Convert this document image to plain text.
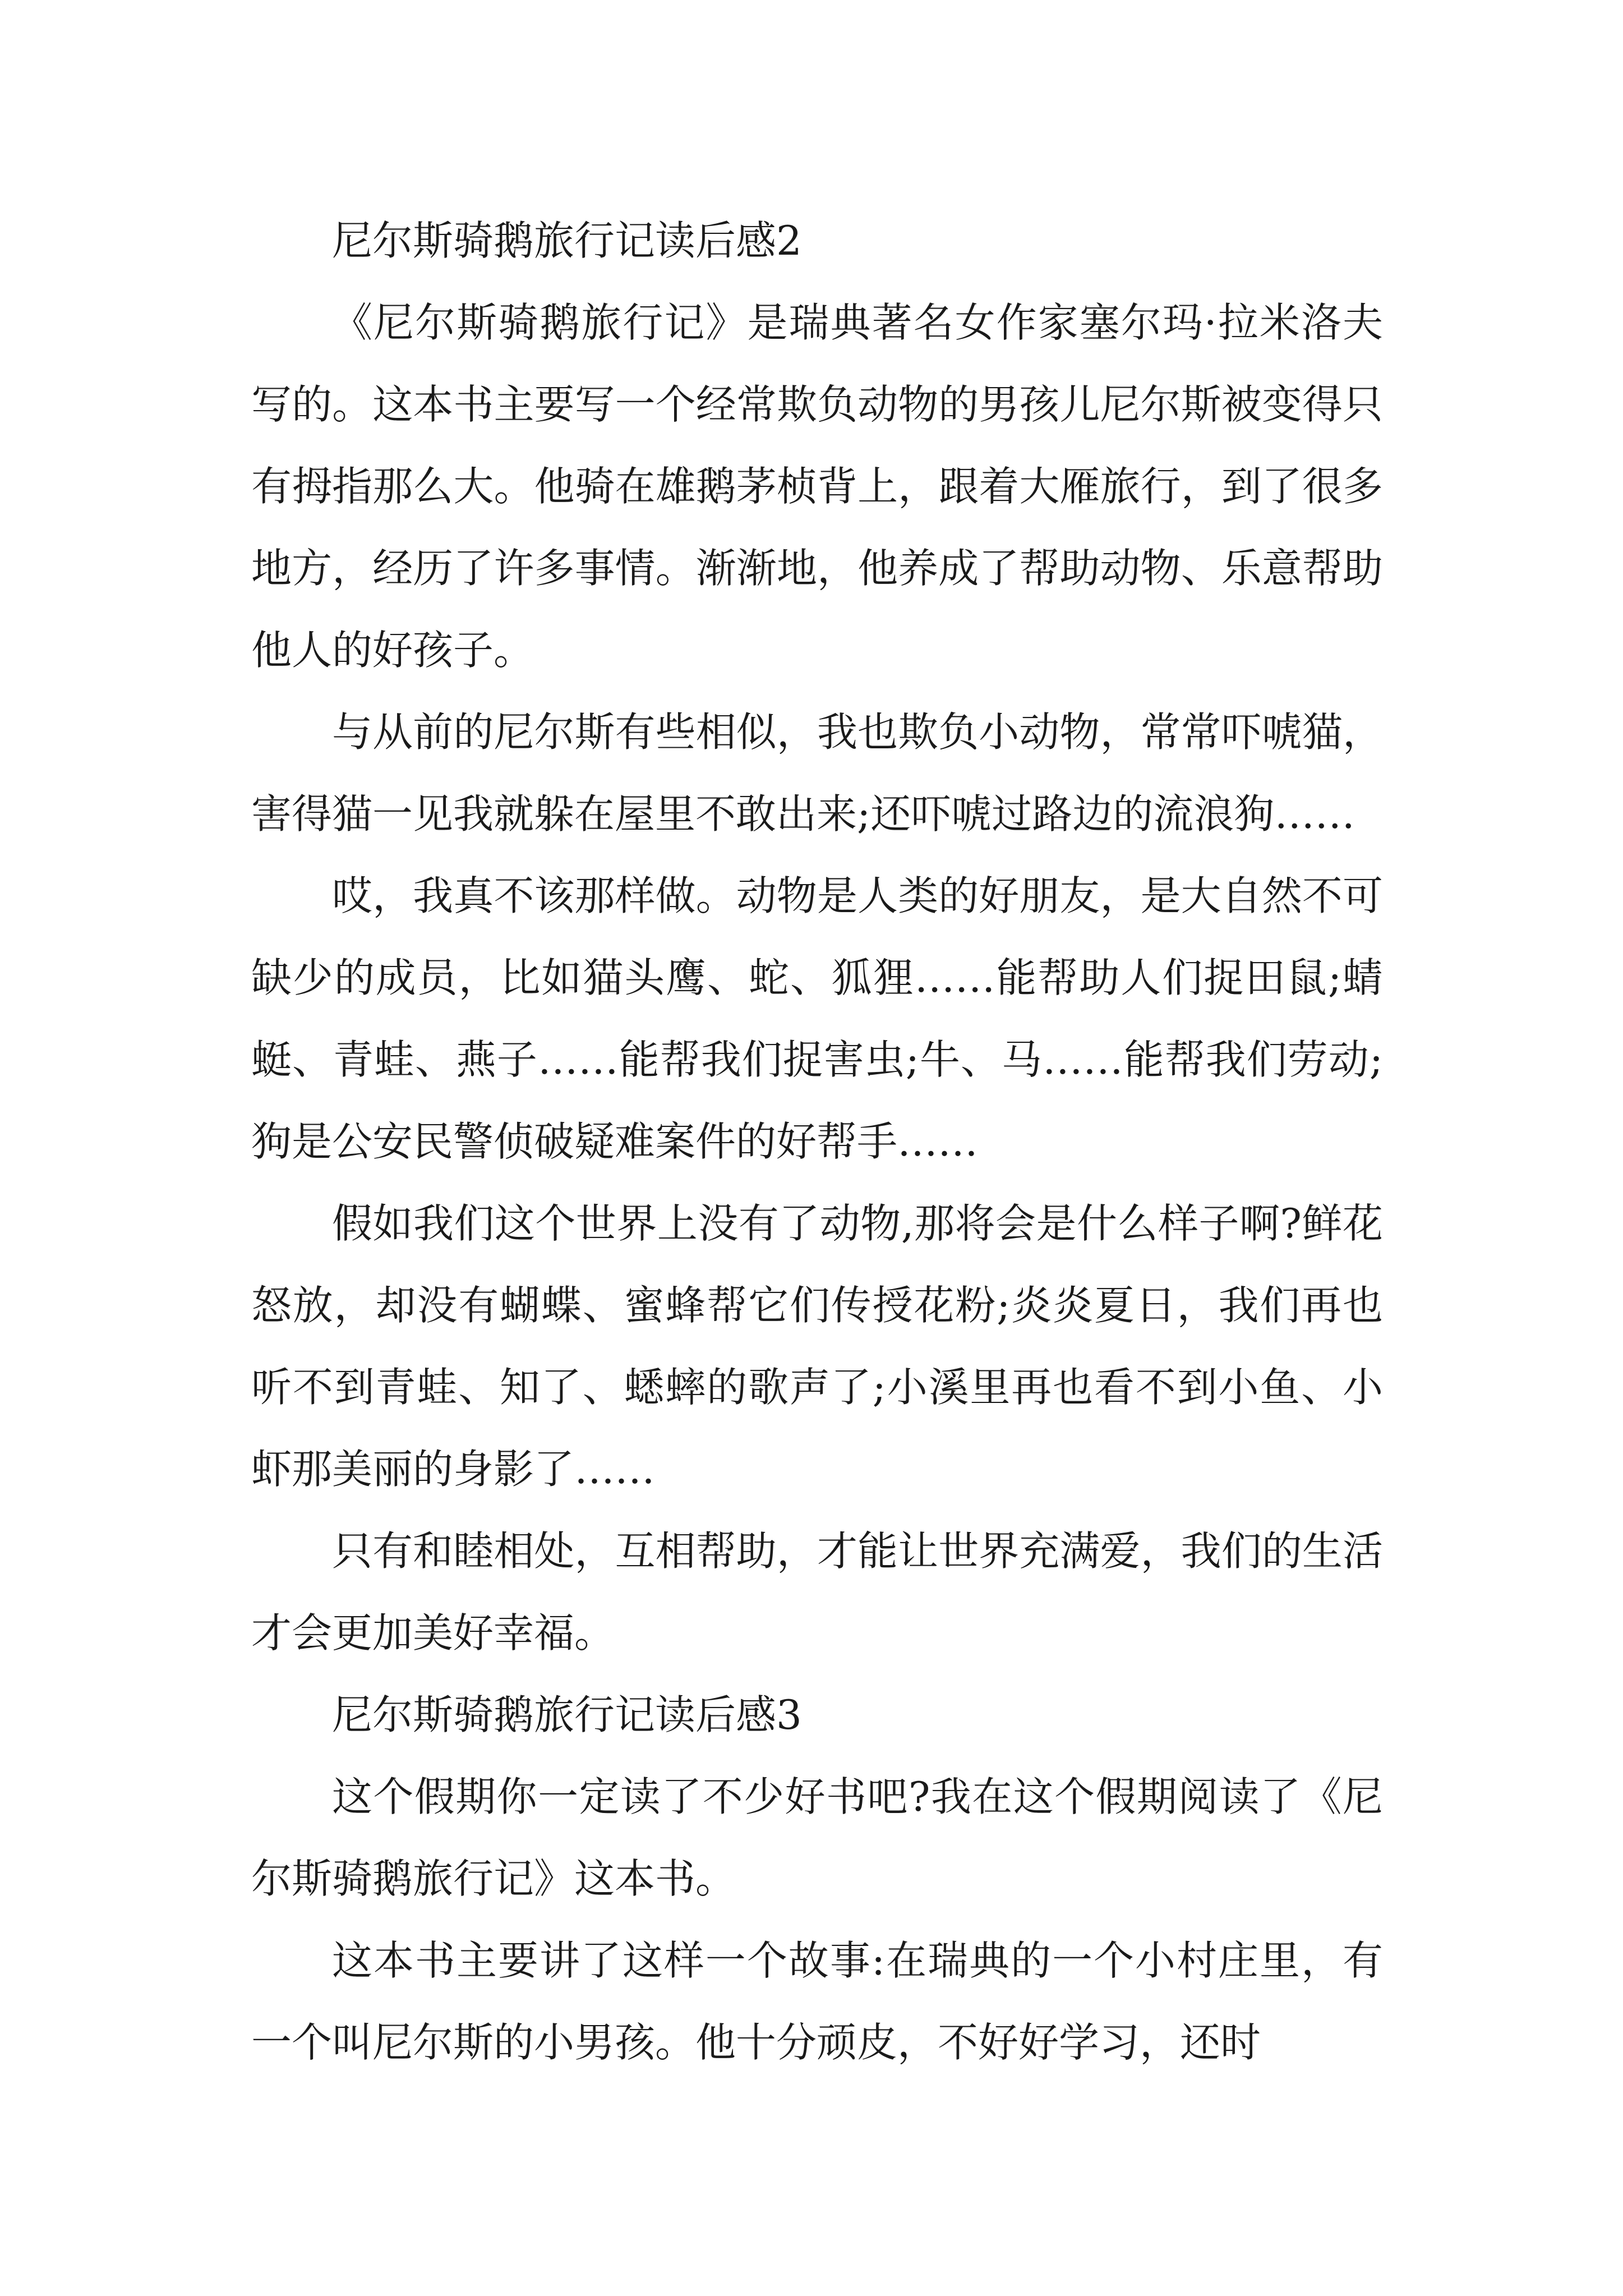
尼尔斯骑鹅旅行记读后感2

《尼尔斯骑鹅旅行记》是瑞典著名女作家塞尔玛·拉米洛夫写的。这本书主要写一个经常欺负动物的男孩儿尼尔斯被变得只有拇指那么大。他骑在雄鹅茅桢背上，跟着大雁旅行，到了很多地方，经历了许多事情。渐渐地，他养成了帮助动物、乐意帮助他人的好孩子。

与从前的尼尔斯有些相似，我也欺负小动物，常常吓唬猫，害得猫一见我就躲在屋里不敢出来;还吓唬过路边的流浪狗……

哎，我真不该那样做。动物是人类的好朋友，是大自然不可缺少的成员，比如猫头鹰、蛇、狐狸……能帮助人们捉田鼠;蜻蜓、青蛙、燕子……能帮我们捉害虫;牛、马……能帮我们劳动;狗是公安民警侦破疑难案件的好帮手……

假如我们这个世界上没有了动物,那将会是什么样子啊?鲜花怒放，却没有蝴蝶、蜜蜂帮它们传授花粉;炎炎夏日，我们再也听不到青蛙、知了、蟋蟀的歌声了;小溪里再也看不到小鱼、小虾那美丽的身影了……

只有和睦相处，互相帮助，才能让世界充满爱，我们的生活才会更加美好幸福。

尼尔斯骑鹅旅行记读后感3

这个假期你一定读了不少好书吧?我在这个假期阅读了《尼尔斯骑鹅旅行记》这本书。

这本书主要讲了这样一个故事:在瑞典的一个小村庄里，有一个叫尼尔斯的小男孩。他十分顽皮，不好好学习，还时
